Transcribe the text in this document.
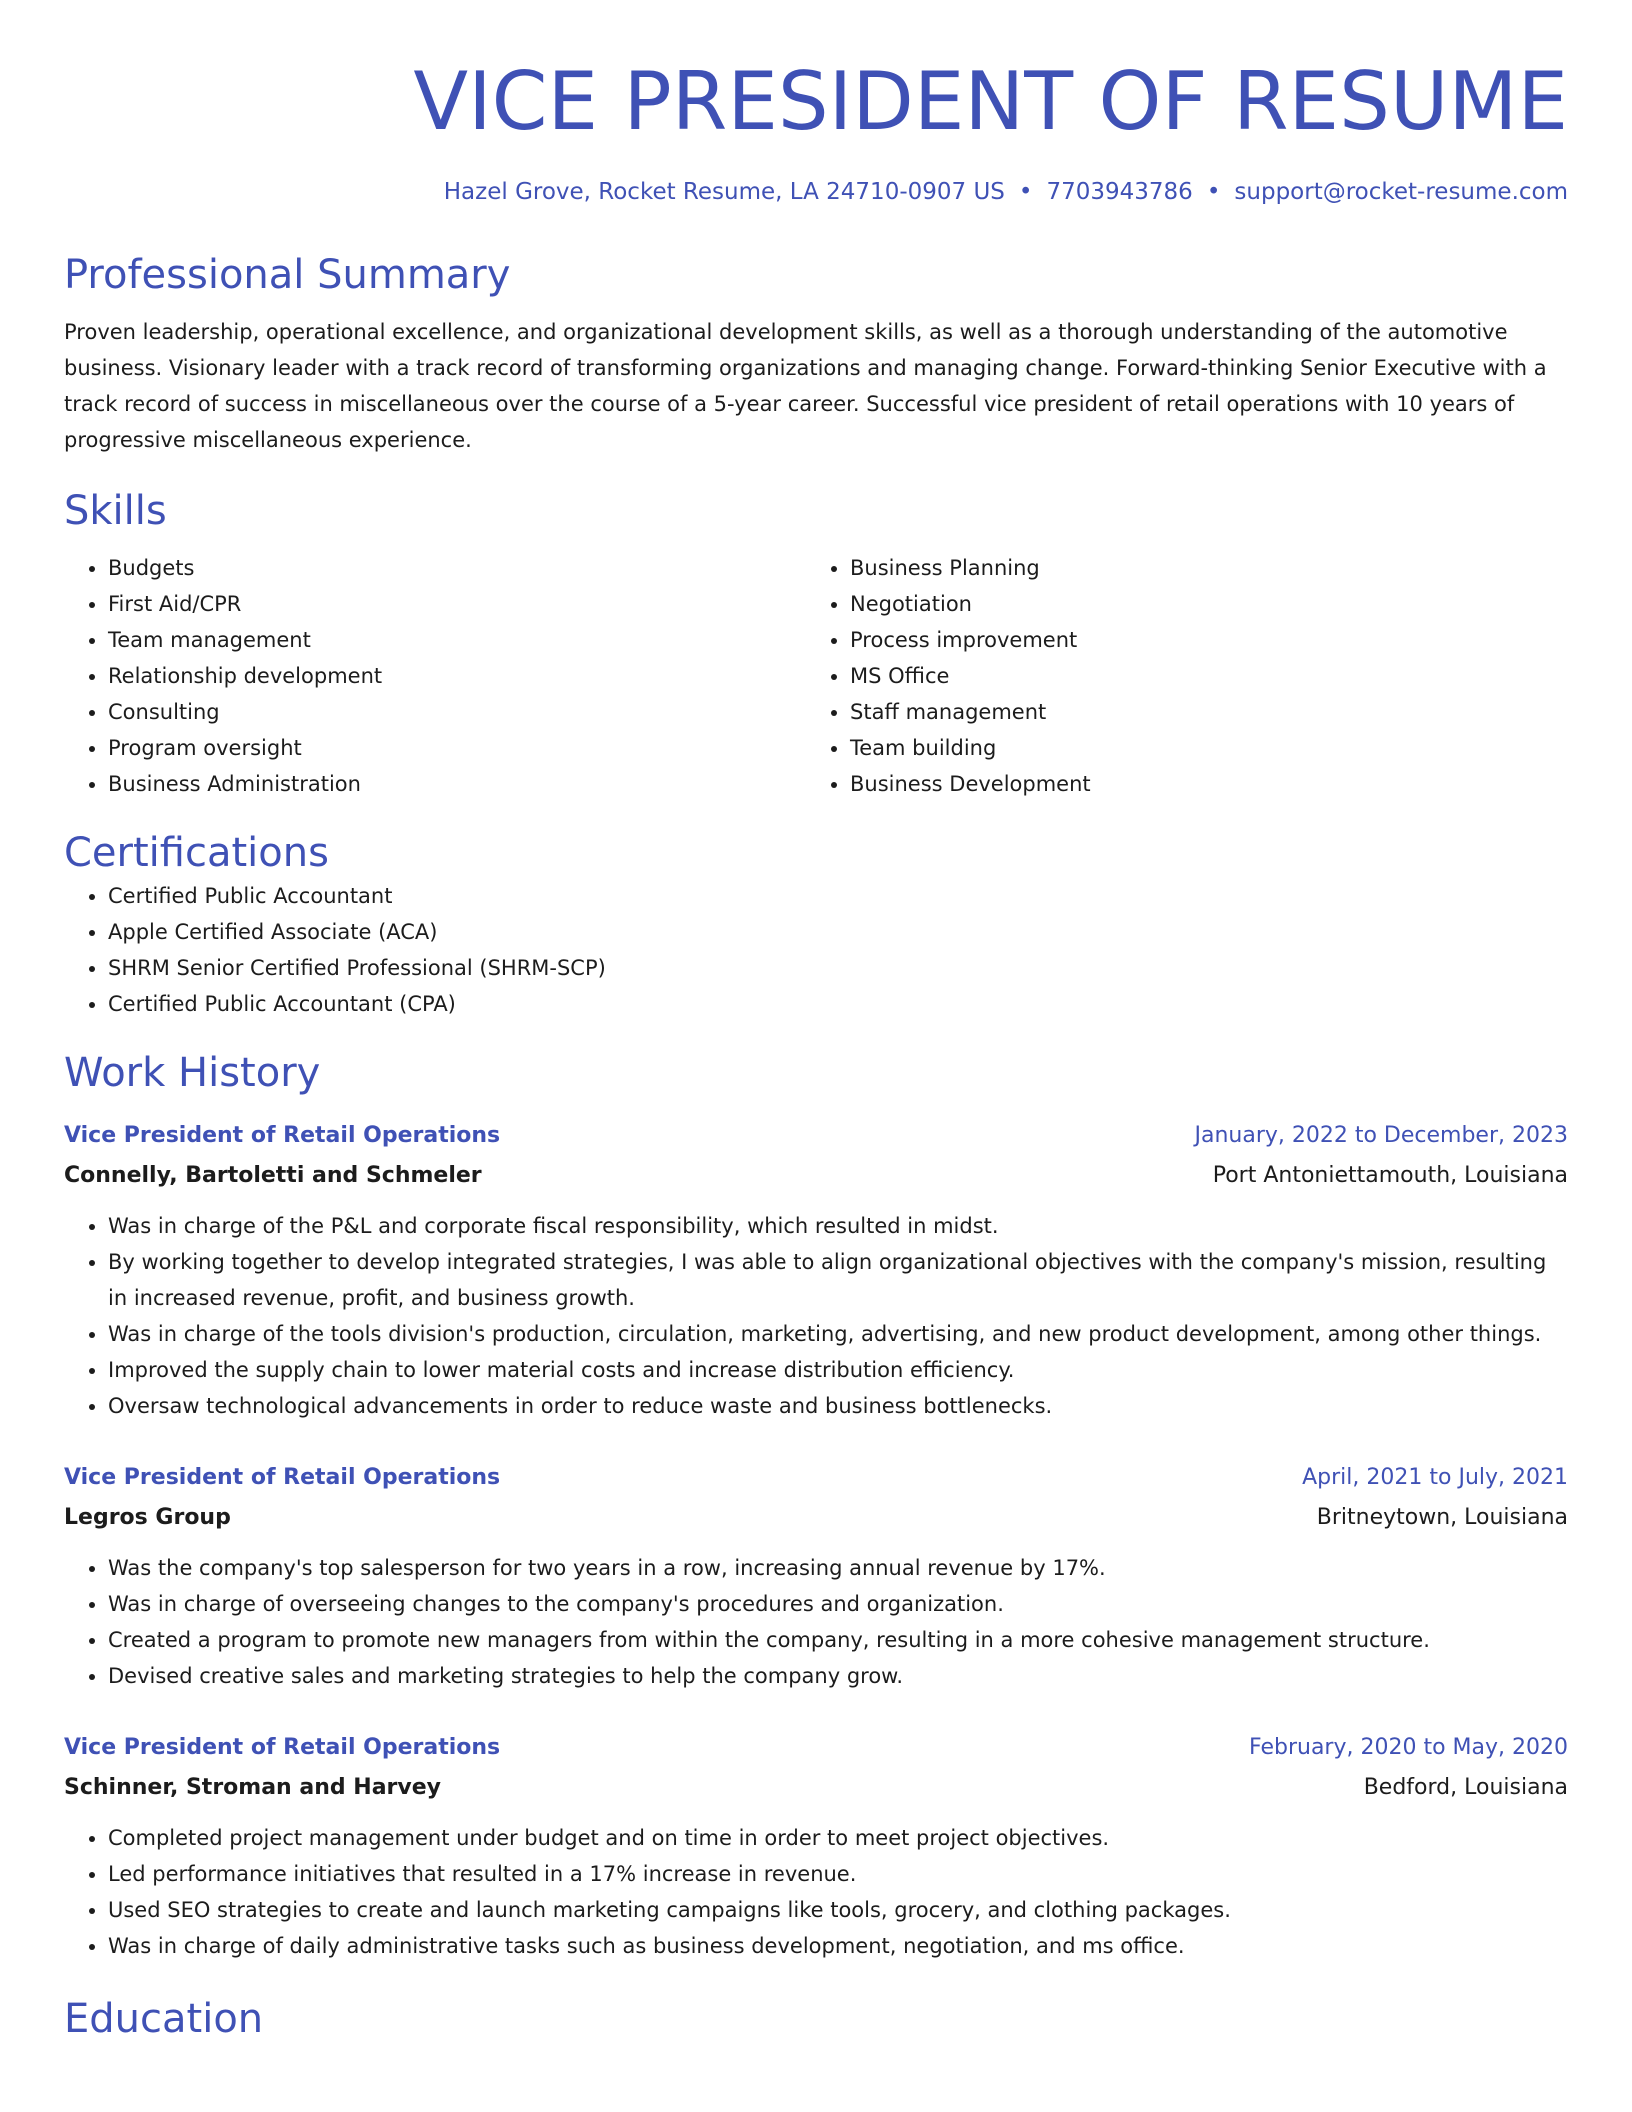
VICE PRESIDENT OF RESUME
Hazel Grove, Rocket Resume, LA 24710-0907 US • 7703943786 • support@rocket-resume.com
Professional Summary
Proven leadership, operational excellence, and organizational development skills, as well as a thorough understanding of the automotive business. Visionary leader with a track record of transforming organizations and managing change. Forward-thinking Senior Executive with a track record of success in miscellaneous over the course of a 5-year career. Successful vice president of retail operations with 10 years of progressive miscellaneous experience.
Skills
• Budgets
• First Aid/CPR
• Team management
• Relationship development
• Consulting
• Program oversight
• Business Administration
• Business Planning
• Negotiation
• Process improvement
• MS Office
• Staff management
• Team building
• Business Development
Certifications
• Certified Public Accountant
• Apple Certified Associate (ACA)
• SHRM Senior Certified Professional (SHRM-SCP)
• Certified Public Accountant (CPA)
Work History
Vice President of Retail Operations	January, 2022 to December, 2023
Connelly, Bartoletti and Schmeler	Port Antoniettamouth, Louisiana
• Was in charge of the P&L and corporate fiscal responsibility, which resulted in midst.
• By working together to develop integrated strategies, I was able to align organizational objectives with the company's mission, resulting in increased revenue, profit, and business growth.
• Was in charge of the tools division's production, circulation, marketing, advertising, and new product development, among other things.
• Improved the supply chain to lower material costs and increase distribution efficiency.
• Oversaw technological advancements in order to reduce waste and business bottlenecks.
Vice President of Retail Operations	April, 2021 to July, 2021
Legros Group	Britneytown, Louisiana
• Was the company's top salesperson for two years in a row, increasing annual revenue by 17%.
• Was in charge of overseeing changes to the company's procedures and organization.
• Created a program to promote new managers from within the company, resulting in a more cohesive management structure.
• Devised creative sales and marketing strategies to help the company grow.
Vice President of Retail Operations	February, 2020 to May, 2020
Schinner, Stroman and Harvey	Bedford, Louisiana
• Completed project management under budget and on time in order to meet project objectives.
• Led performance initiatives that resulted in a 17% increase in revenue.
• Used SEO strategies to create and launch marketing campaigns like tools, grocery, and clothing packages.
• Was in charge of daily administrative tasks such as business development, negotiation, and ms office.
Education
